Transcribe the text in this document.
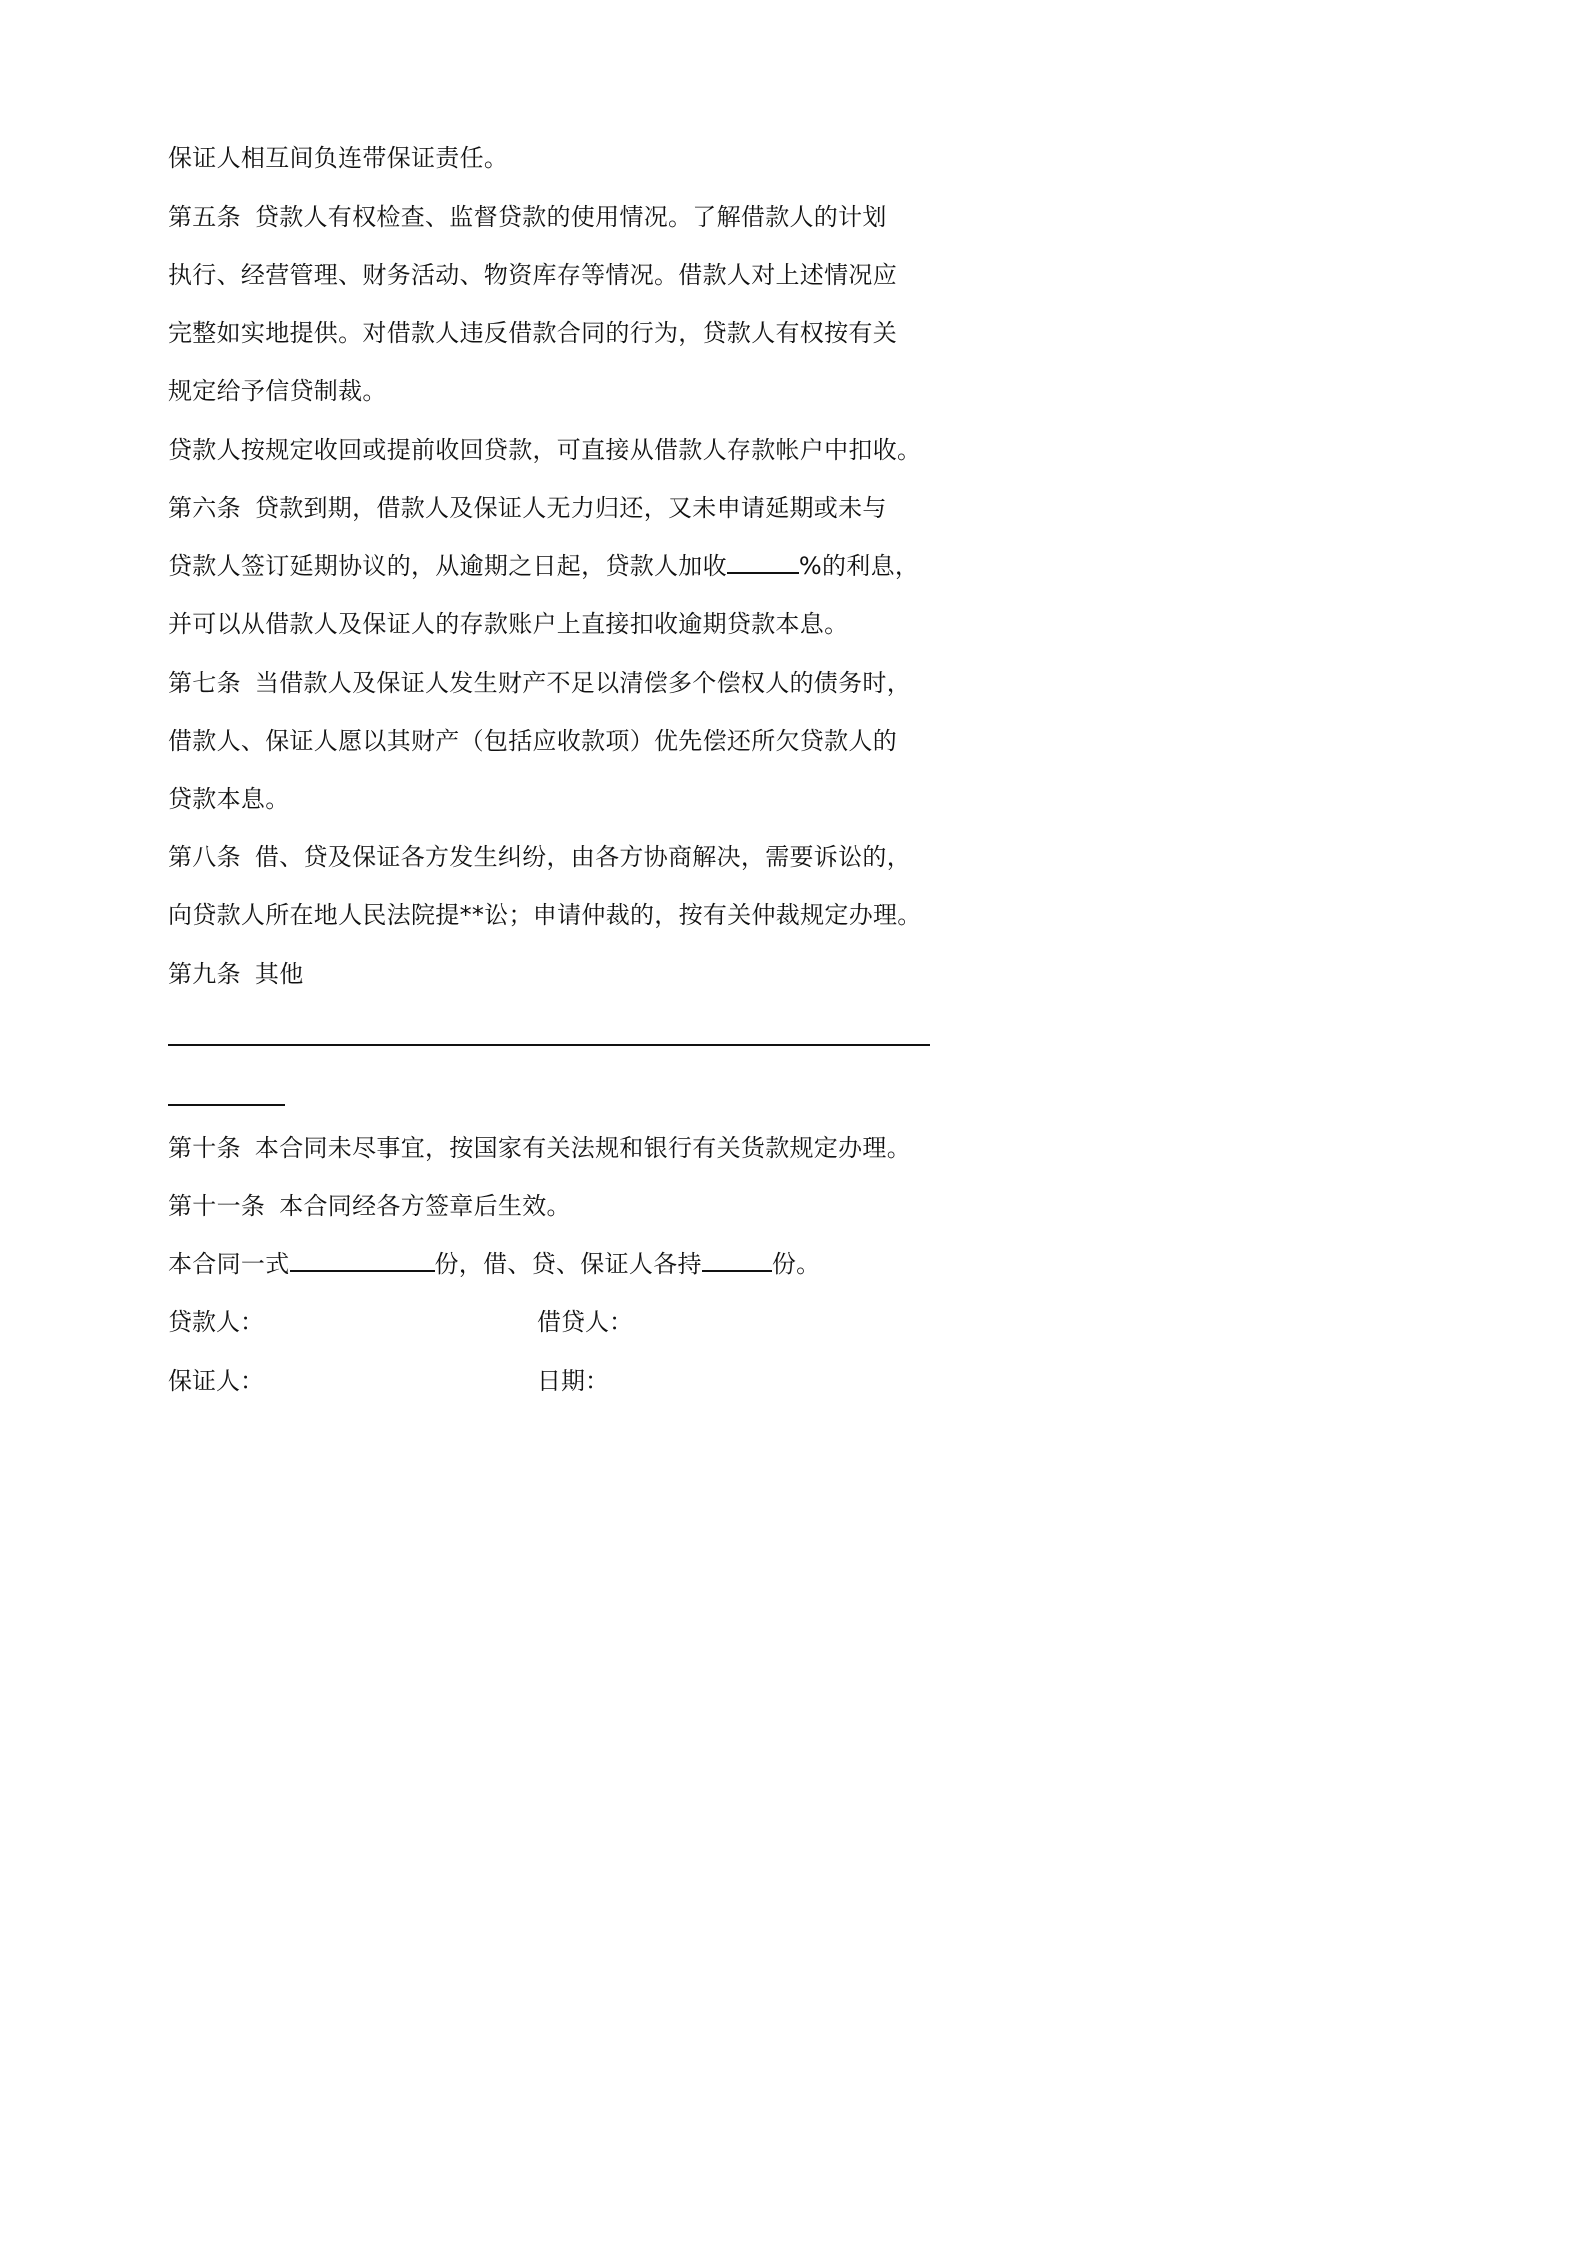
保证人相互间负连带保证责任。
第五条 贷款人有权检查、监督贷款的使用情况。了解借款人的计划
执行、经营管理、财务活动、物资库存等情况。借款人对上述情况应
完整如实地提供。对借款人违反借款合同的行为，贷款人有权按有关
规定给予信贷制裁。
贷款人按规定收回或提前收回贷款，可直接从借款人存款帐户中扣收。
第六条 贷款到期，借款人及保证人无力归还，又未申请延期或未与
贷款人签订延期协议的，从逾期之日起，贷款人加收	%的利息，
并可以从借款人及保证人的存款账户上直接扣收逾期贷款本息。
第七条 当借款人及保证人发生财产不足以清偿多个偿权人的债务时，
借款人、保证人愿以其财产（包括应收款项）优先偿还所欠贷款人的
贷款本息。
第八条 借、贷及保证各方发生纠纷，由各方协商解决，需要诉讼的，
向贷款人所在地人民法院提**讼；申请仲裁的，按有关仲裁规定办理。
第九条 其他
第十条 本合同未尽事宜，按国家有关法规和银行有关货款规定办理。
第十一条 本合同经各方签章后生效。
本合同一式	份，借、贷、保证人各持	份。
贷款人：	借贷人：
保证人：	日期：
